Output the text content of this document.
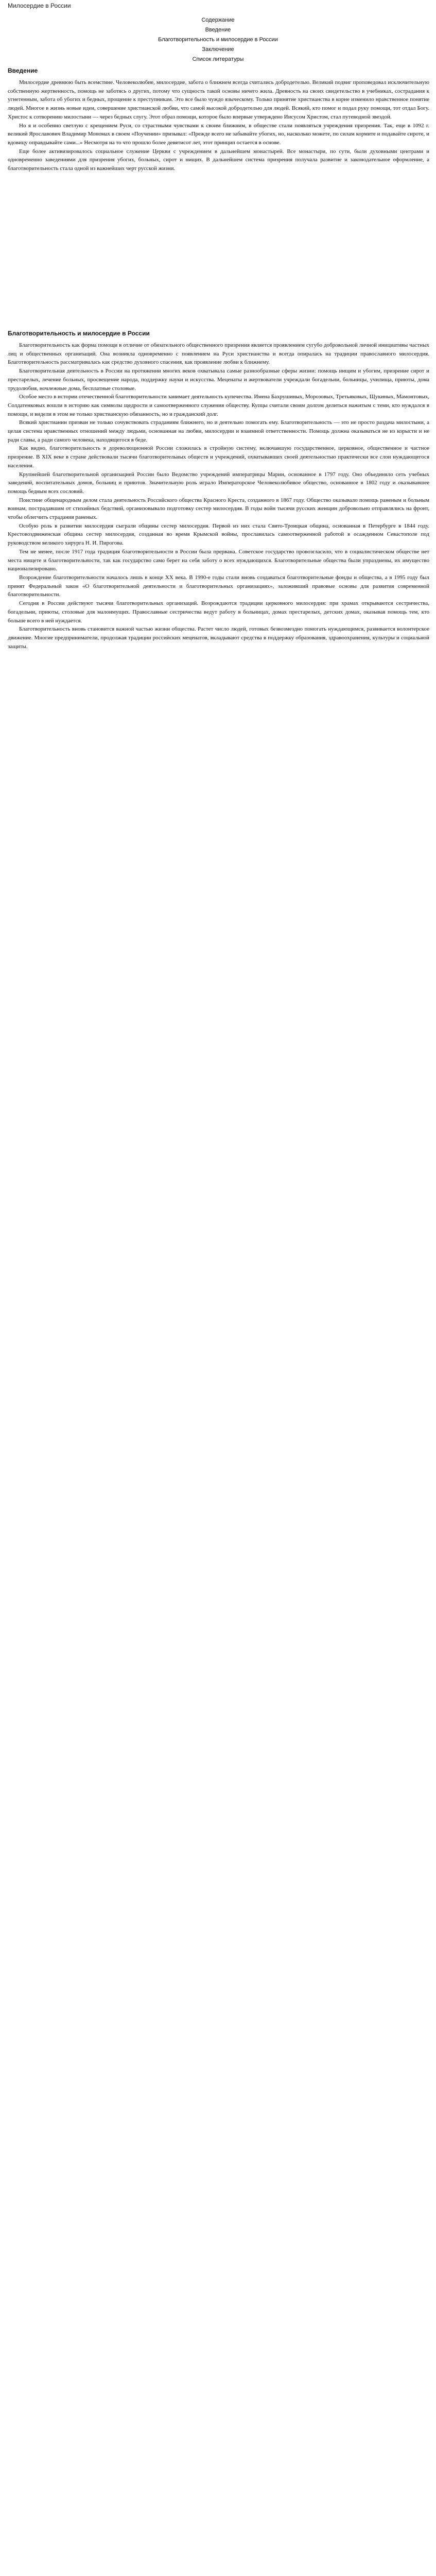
Милосердие в России
Содержание
Введение
Благотворительность и милосердие в России
Заключение
Список литературы
Введение

Милосердие древнюю быть всемстине. Человеколюбие, милосердие, забота о ближнем всегда считались добродетелью. Великий подвиг проповедовал исключительную собственную жертвенность, помощь не заботясь о других, потому что сущность такой основы ничего жила. Древность на своих свидетельство в учебниках, сострадания к угнетенным, забота об убогих и бедных, прощение к преступникам. Это все было чуждо языческому. Только принятие христианства в корне изменило нравственное понятие людей. Многое в жизнь новые идеи, совершение христианской любви, что самой высокой добродетелью для людей. Всякий, кто помог и подал руку помощи, тот отдал Богу. Христос к сотворению милостыни — через бедных слугу. Этот образ помощи, которое было впервые утверждено Иисусом Христом, стал путеводной звездой.

Но я и особенно светлую с крещением Руси, со страстными чувствами к своим ближним, в обществе стали появляться учреждения призрения. Так, еще в 1092 г. великий Ярославович Владимир Мономах в своем «Поучении» призывал: «Прежде всего не забывайте убогих, но, насколько можете, по силам кормите и подавайте сироте, и вдовицу оправдывайте сами...» Несмотря на то что прошло более девятисот лет, этот принцип остается в основе.

Еще более активизировалось социальное служение Церкви с учреждением в дальнейшем монастырей. Все монастыри, по сути, были духовными центрами и одновременно заведениями для призрения убогих, больных, сирот и нищих. В дальнейшем система призрения получала развитие и законодательное оформление, а благотворительность стала одной из важнейших черт русской жизни.

Благотворительность и милосердие в России

Благотворительность как форма помощи в отличие от обязательного общественного призрения является проявлением сугубо добровольной личной инициативы частных лиц и общественных организаций. Она возникла одновременно с появлением на Руси христианства и всегда опиралась на традиции православного милосердия. Благотворительность рассматривалась как средство духовного спасения, как проявление любви к ближнему.

Благотворительная деятельность в России на протяжении многих веков охватывала самые разнообразные сферы жизни: помощь нищим и убогим, призрение сирот и престарелых, лечение больных, просвещение народа, поддержку науки и искусства. Меценаты и жертвователи учреждали богадельни, больницы, училища, приюты, дома трудолюбия, ночлежные дома, бесплатные столовые.

Особое место в истории отечественной благотворительности занимает деятельность купечества. Имена Бахрушиных, Морозовых, Третьяковых, Щукиных, Мамонтовых, Солдатенковых вошли в историю как символы щедрости и самоотверженного служения обществу. Купцы считали своим долгом делиться нажитым с теми, кто нуждался в помощи, и видели в этом не только христианскую обязанность, но и гражданский долг.

Всякий христианин призван не только сочувствовать страданиям ближнего, но и деятельно помогать ему. Благотворительность — это не просто раздача милостыни, а целая система нравственных отношений между людьми, основанная на любви, милосердии и взаимной ответственности. Помощь должна оказываться не из корысти и не ради славы, а ради самого человека, находящегося в беде.

Как видно, благотворительность в дореволюционной России сложилась в стройную систему, включавшую государственное, церковное, общественное и частное призрение. В XIX веке в стране действовали тысячи благотворительных обществ и учреждений, охватывавших своей деятельностью практически все слои нуждающегося населения.

Крупнейшей благотворительной организацией России было Ведомство учреждений императрицы Марии, основанное в 1797 году. Оно объединяло сеть учебных заведений, воспитательных домов, больниц и приютов. Значительную роль играло Императорское Человеколюбивое общество, основанное в 1802 году и оказывавшее помощь бедным всех сословий.

Поистине общенародным делом стала деятельность Российского общества Красного Креста, созданного в 1867 году. Общество оказывало помощь раненым и больным воинам, пострадавшим от стихийных бедствий, организовывало подготовку сестер милосердия. В годы войн тысячи русских женщин добровольно отправлялись на фронт, чтобы облегчить страдания раненых.

Особую роль в развитии милосердия сыграли общины сестер милосердия. Первой из них стала Свято-Троицкая община, основанная в Петербурге в 1844 году. Крестовоздвиженская община сестер милосердия, созданная во время Крымской войны, прославилась самоотверженной работой в осажденном Севастополе под руководством великого хирурга Н. И. Пирогова.

Тем не менее, после 1917 года традиция благотворительности в России была прервана. Советское государство провозгласило, что в социалистическом обществе нет места нищете и благотворительности, так как государство само берет на себя заботу о всех нуждающихся. Благотворительные общества были упразднены, их имущество национализировано.

Возрождение благотворительности началось лишь в конце XX века. В 1990-е годы стали вновь создаваться благотворительные фонды и общества, а в 1995 году был принят Федеральный закон «О благотворительной деятельности и благотворительных организациях», заложивший правовые основы для развития современной благотворительности.

Сегодня в России действуют тысячи благотворительных организаций. Возрождаются традиции церковного милосердия: при храмах открываются сестричества, богадельни, приюты, столовые для малоимущих. Православные сестричества ведут работу в больницах, домах престарелых, детских домах, оказывая помощь тем, кто больше всего в ней нуждается.

Благотворительность вновь становится важной частью жизни общества. Растет число людей, готовых безвозмездно помогать нуждающимся, развивается волонтерское движение. Многие предприниматели, продолжая традиции российских меценатов, вкладывают средства в поддержку образования, здравоохранения, культуры и социальной защиты.
